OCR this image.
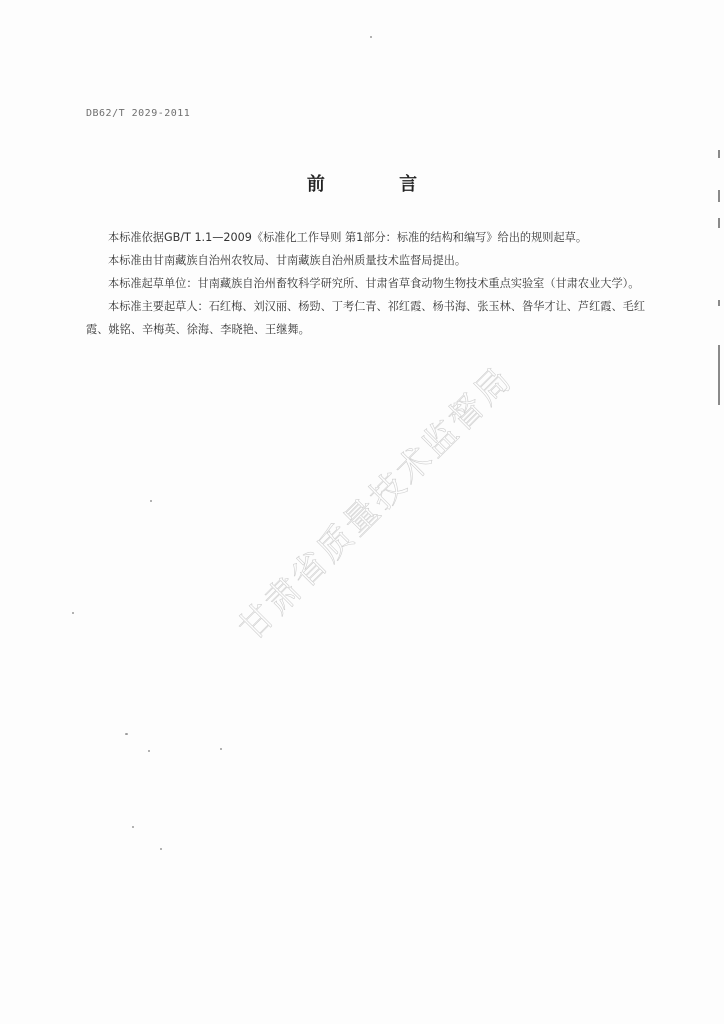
DB62/T 2029-2011
前 言

本标准依据GB/T 1.1—2009《标准化工作导则 第1部分：标准的结构和编写》给出的规则起草。

本标准由甘南藏族自治州农牧局、甘南藏族自治州质量技术监督局提出。

本标准起草单位：甘南藏族自治州畜牧科学研究所、甘肃省草食动物生物技术重点实验室（甘肃农业大学）。

本标准主要起草人：石红梅、刘汉丽、杨勁、丁考仁青、祁红霞、杨书海、张玉林、昝华才让、芦红霞、毛红霞、姚铭、辛梅英、徐海、李晓艳、王继舞。

甘肃省质量技术监督局
